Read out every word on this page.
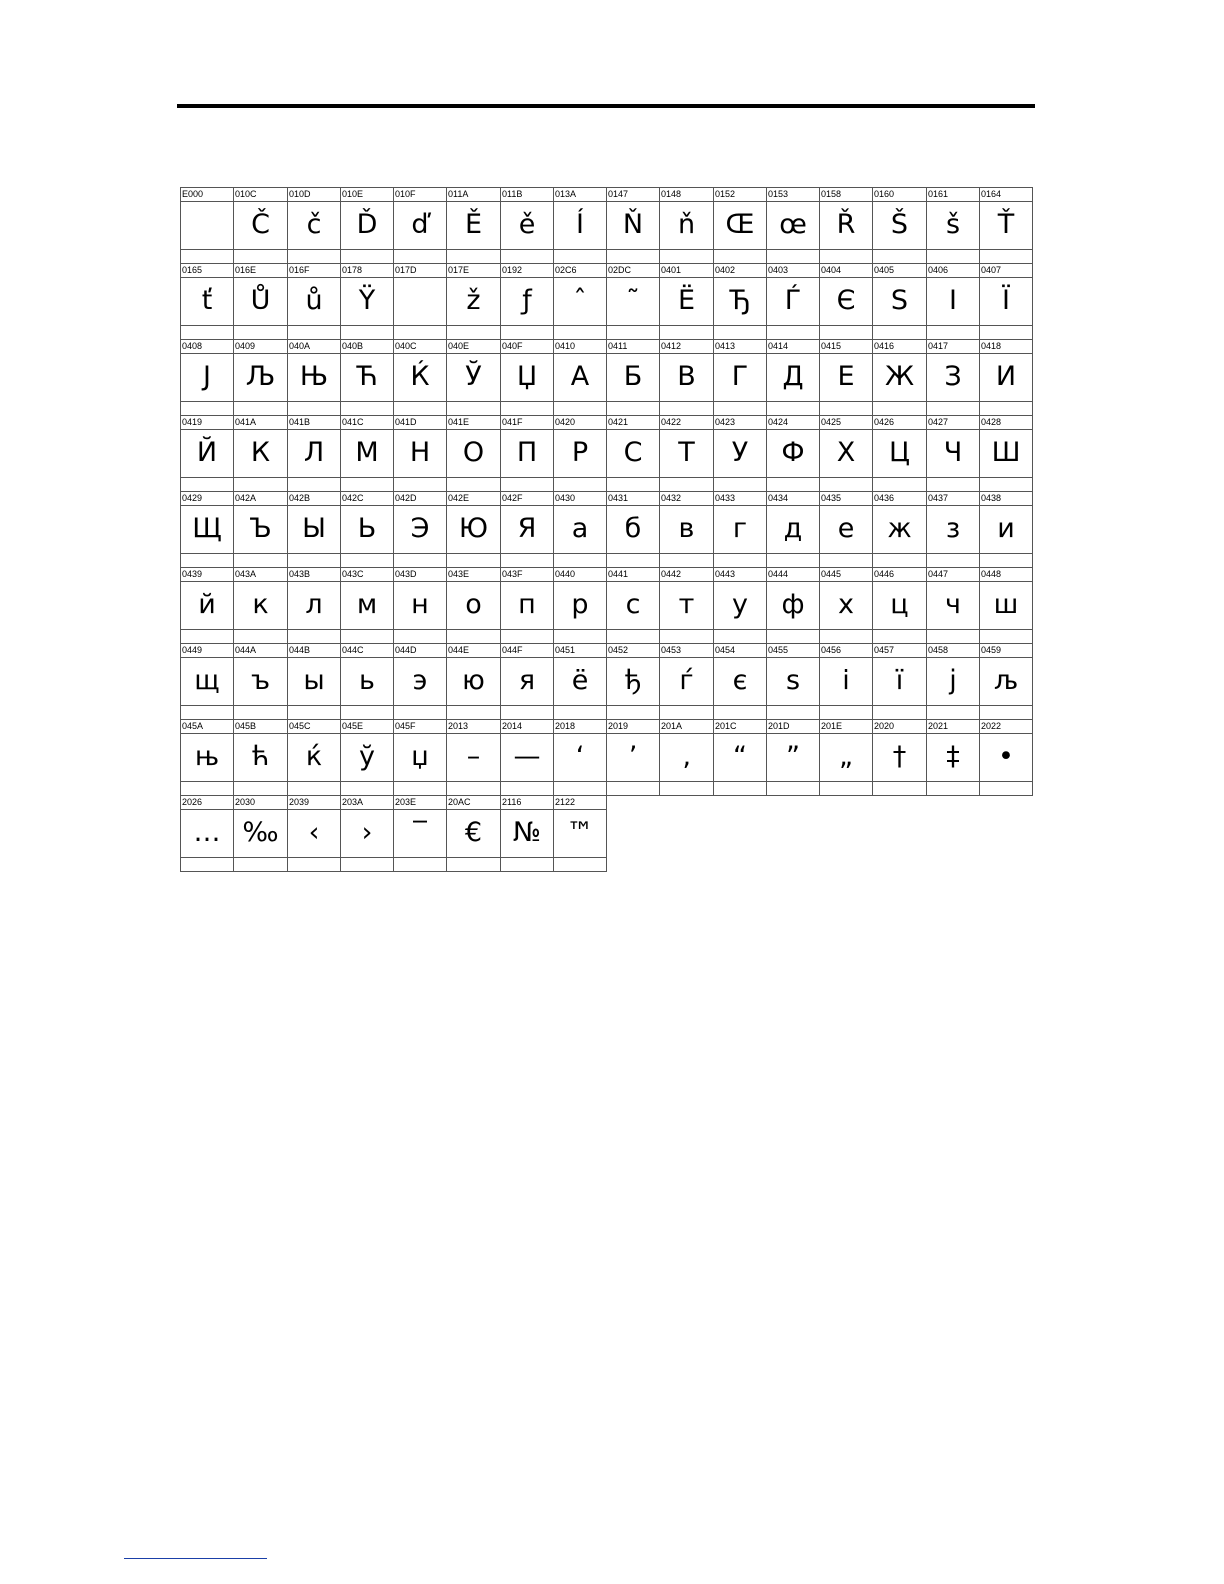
E000	010C
Č
010D
č
010E
Ď
010F
ď
011A
Ě
011B
ě
013A
Í
0147
Ň
0148
ň
0152
Œ
0153
œ
0158
Ř
0160
Š
0161
š
0164
Ť
0165
ť
016E
Ů
016F
ů
0178
Ÿ
017D	017E
ž
0192
ƒ
02C6
ˆ
02DC
˜
0401
Ё
0402
Ђ
0403
Ѓ
0404
Є
0405
Ѕ
0406
І
0407
Ї
0408
Ј
0409
Љ
040A
Њ
040B
Ћ
040C
Ќ
040E
Ў
040F
Џ
0410
А
0411
Б
0412
В
0413
Г
0414
Д
0415
Е
0416
Ж
0417
З
0418
И
0419
Й
041A
К
041B
Л
041C
М
041D
Н
041E
О
041F
П
0420
Р
0421
С
0422
Т
0423
У
0424
Ф
0425
Х
0426
Ц
0427
Ч
0428
Ш
0429
Щ
042A
Ъ
042B
Ы
042C
Ь
042D
Э
042E
Ю
042F
Я
0430
а
0431
б
0432
в
0433
г
0434
д
0435
е
0436
ж
0437
з
0438
и
0439
й
043A
к
043B
л
043C
м
043D
н
043E
о
043F
п
0440
р
0441
с
0442
т
0443
у
0444
ф
0445
х
0446
ц
0447
ч
0448
ш
0449
щ
044A
ъ
044B
ы
044C
ь
044D
э
044E
ю
044F
я
0451
ё
0452
ђ
0453
ѓ
0454
є
0455
ѕ
0456
і
0457
ї
0458
ј
0459
љ
045A
њ
045B
ћ
045C
ќ
045E
ў
045F
џ
2013
–
2014
—
2018
‘
2019
’
201A
‚
201C
“
201D
”
201E
„
2020
†
2021
‡
2022
•
2026
…
2030
‰
2039
‹
203A
›
203E
‾
20AC
€
2116
№
2122
™
